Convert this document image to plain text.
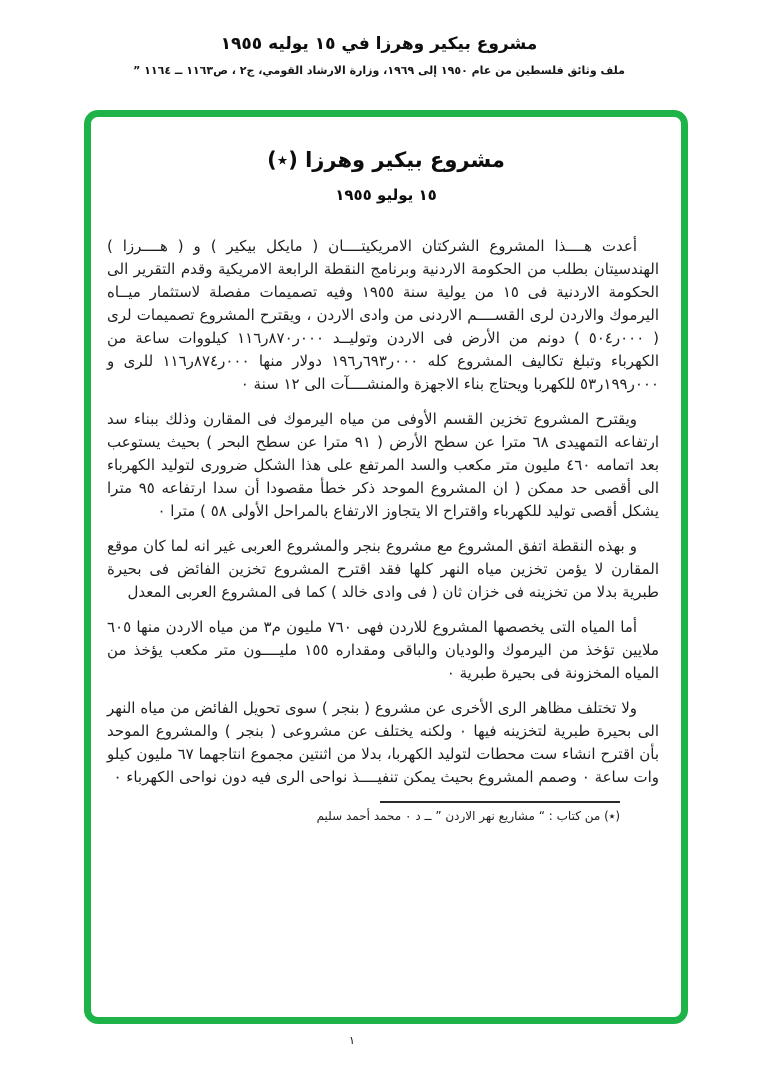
مشروع بيكير وهرزا في ١٥ يوليه ١٩٥٥
ملف وثائق فلسطين من عام ١٩٥٠ إلى ١٩٦٩، وزارة الارشاد القومي، ج٢ ، ص١١٦٣ ــ ١١٦٤ ”
مشروع بيكير وهرزا (٭)
١٥ يوليو ١٩٥٥

أعدت هــــذا المشروع الشركتان الامريكيتــــان ( مايكل بيكير ) و ( هــــرزا ) الهندسيتان بطلب من الحكومة الاردنية وبرنامج النقطة الرابعة الامريكية وقدم التقرير الى الحكومة الاردنية فى ١٥ من يولية سنة ١٩٥٥ وفيه تصميمات مفصلة لاستثمار ميــاه اليرموك والاردن لرى القســــم الاردنى من وادى الاردن ، ويقترح المشروع تصميمات لرى ( ‭٥٠٤ر٠٠٠‬ ) دونم من الأرض فى الاردن وتوليــد ‭١١٦ر٨٧٠ر٠٠٠‬ كيلووات ساعة من الكهرباء وتبلغ تكاليف المشروع كله ‭١٩٦ر٦٩٣ر٠٠٠‬ دولار منها ‭١١٦ر٨٧٤ر٠٠٠‬ للرى و ‭٥٣ر١٩٩ر٠٠٠‬ للكهربا ويحتاج بناء الاجهزة والمنشــــآت الى ١٢ سنة ٠

ويقترح المشروع تخزين القسم الأوفى من مياه اليرموك فى المقارن وذلك ببناء سد ارتفاعه التمهيدى ٦٨ مترا عن سطح الأرض ( ٩١ مترا عن سطح البحر ) بحيث يستوعب بعد اتمامه ٤٦٠ مليون متر مكعب والسد المرتفع على هذا الشكل ضرورى لتوليد الكهرباء الى أقصى حد ممكن ( ان المشروع الموحد ذكر خطأ مقصودا أن سدا ارتفاعه ٩٥ مترا يشكل أقصى توليد للكهرباء واقتراح الا يتجاوز الارتفاع بالمراحل الأولى ٥٨ ) مترا ٠

و بهذه النقطة اتفق المشروع مع مشروع بنجر والمشروع العربى غير انه لما كان موقع المقارن لا يؤمن تخزين مياه النهر كلها فقد اقترح المشروع تخزين الفائض فى بحيرة طبرية بدلا من تخزينه فى خزان ثان ( فى وادى خالد ) كما فى المشروع العربى المعدل

أما المياه التى يخصصها المشروع للاردن فهى ٧٦٠ مليون م٣ من مياه الاردن منها ٦٠٥ ملايين تؤخذ من اليرموك والوديان والباقى ومقداره ١٥٥ مليــــون متر مكعب يؤخذ من المياه المخزونة فى بحيرة طبرية ٠

ولا تختلف مظاهر الرى الأخرى عن مشروع ( بنجر ) سوى تحويل الفائض من مياه النهر الى بحيرة طبرية لتخزينه فيها ٠ ولكنه يختلف عن مشروعى ( بنجر ) والمشروع الموحد بأن اقترح انشاء ست محطات لتوليد الكهربا، بدلا من اثنتين مجموع انتاجهما ٦٧ مليون كيلو وات ساعة ٠ وصمم المشروع بحيث يمكن تنفيــــذ نواحى الرى فيه دون نواحى الكهرباء ٠

(٭) من كتاب : “ مشاريع نهر الاردن ” ــ د ٠ محمد أحمد سليم
١
